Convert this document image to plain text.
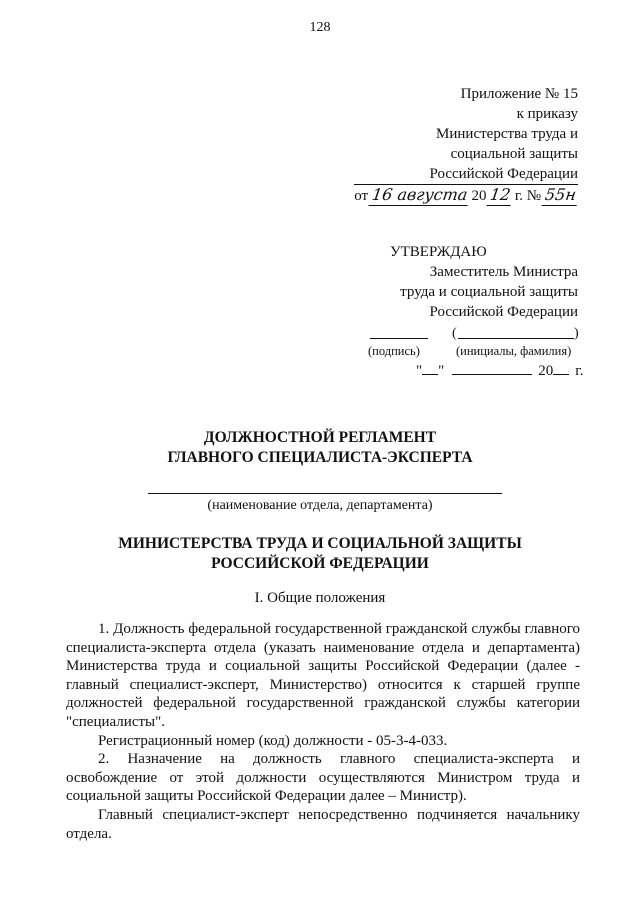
128
Приложение № 15
к приказу
Министерства труда и
социальной защиты
Российской Федерации
от 16 августа 20 12 г. № 55н
УТВЕРЖДАЮ
Заместитель Министра
труда и социальной защиты
Российской Федерации
(	)
(подпись)	(инициалы, фамилия)
" "	20 г.
ДОЛЖНОСТНОЙ РЕГЛАМЕНТ
ГЛАВНОГО СПЕЦИАЛИСТА-ЭКСПЕРТА
(наименование отдела, департамента)
МИНИСТЕРСТВА ТРУДА И СОЦИАЛЬНОЙ ЗАЩИТЫ
РОССИЙСКОЙ ФЕДЕРАЦИИ
I. Общие положения

1. Должность федеральной государственной гражданской службы главного специалиста-эксперта отдела (указать наименование отдела и департамента) Министерства труда и социальной защиты Российской Федерации (далее - главный специалист-эксперт, Министерство) относится к старшей группе должностей федеральной государственной гражданской службы категории "специалисты".

Регистрационный номер (код) должности - 05-3-4-033.

2. Назначение на должность главного специалиста-эксперта и освобождение от этой должности осуществляются Министром труда и социальной защиты Российской Федерации далее – Министр).

Главный специалист-эксперт непосредственно подчиняется начальнику отдела.
